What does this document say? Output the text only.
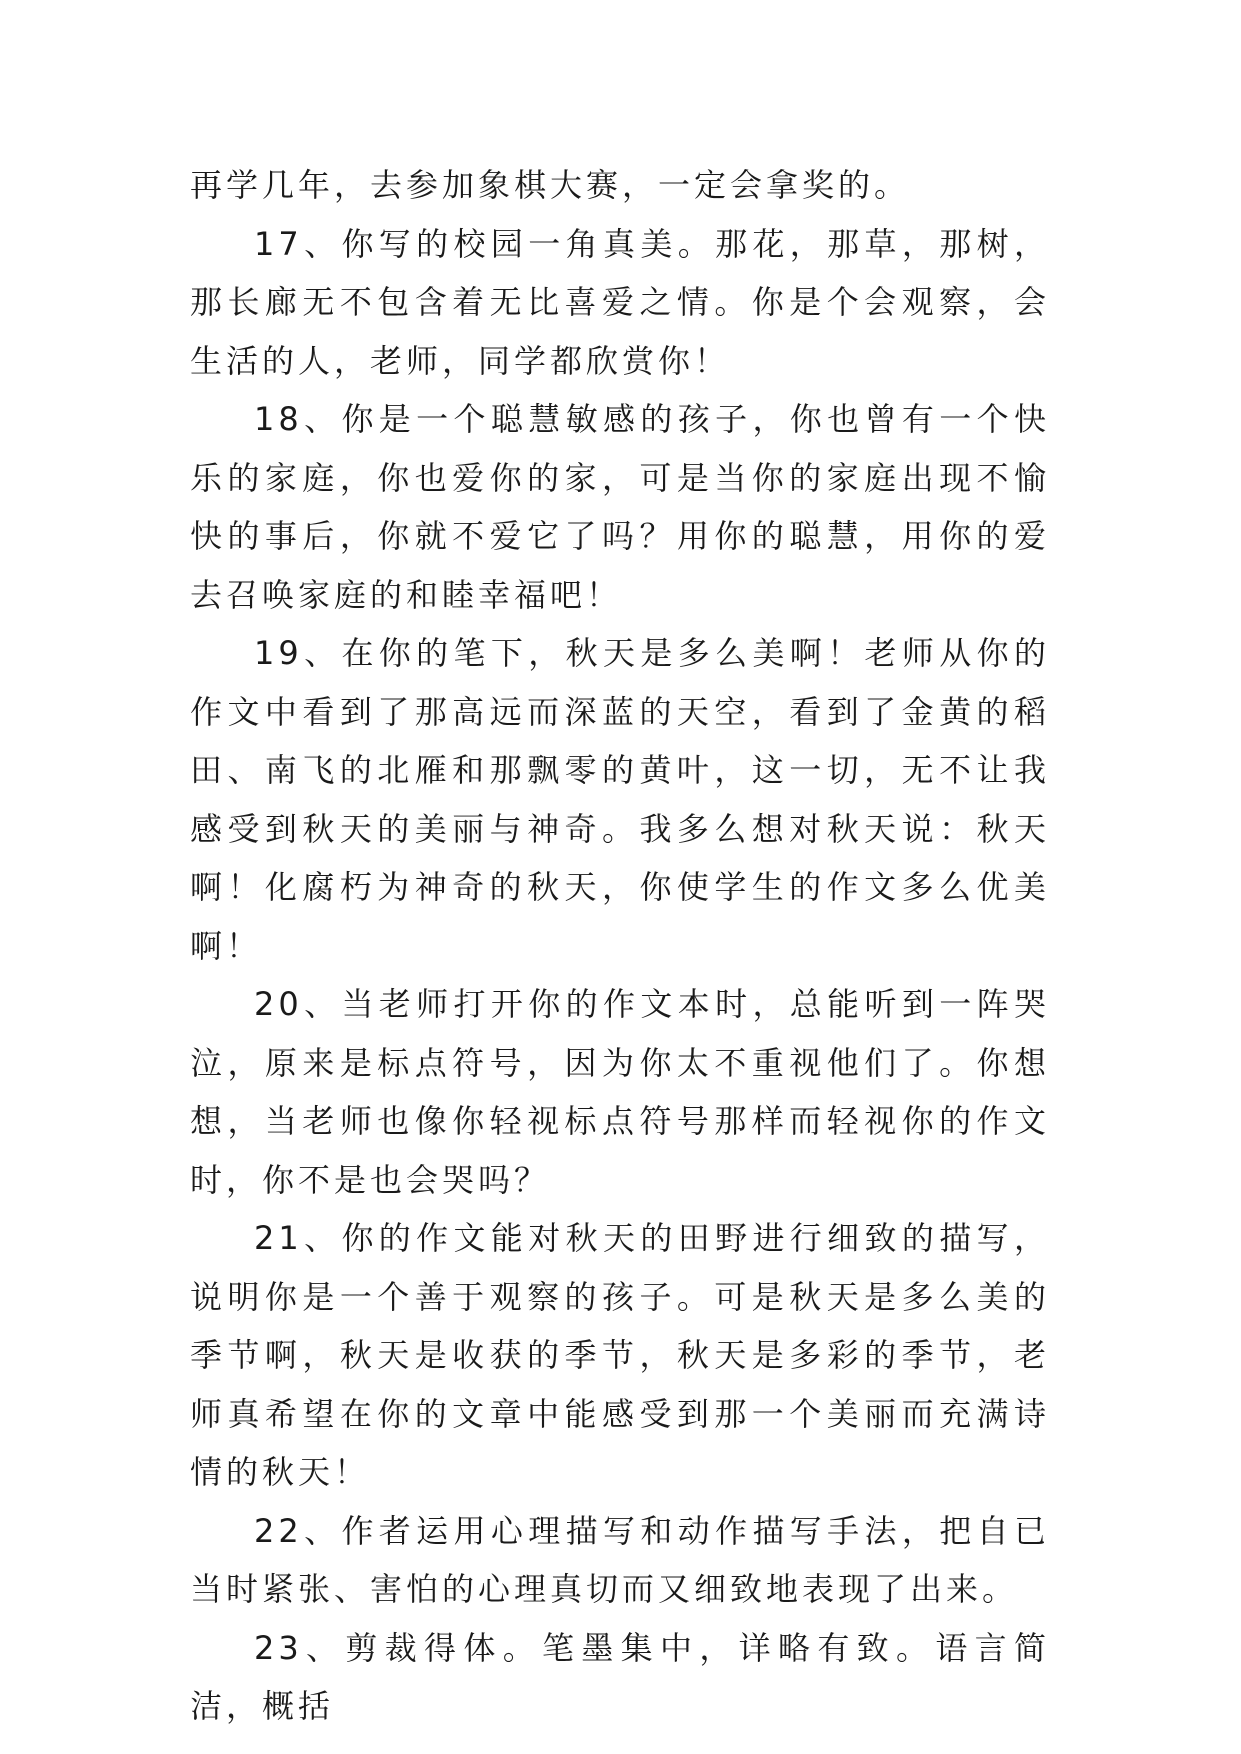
再学几年，去参加象棋大赛，一定会拿奖的。

17、你写的校园一角真美。那花，那草，那树，那长廊无不包含着无比喜爱之情。你是个会观察，会生活的人，老师，同学都欣赏你！

18、你是一个聪慧敏感的孩子，你也曾有一个快乐的家庭，你也爱你的家，可是当你的家庭出现不愉快的事后，你就不爱它了吗？用你的聪慧，用你的爱去召唤家庭的和睦幸福吧！

19、在你的笔下，秋天是多么美啊！老师从你的作文中看到了那高远而深蓝的天空，看到了金黄的稻田、南飞的北雁和那飘零的黄叶，这一切，无不让我感受到秋天的美丽与神奇。我多么想对秋天说：秋天啊！化腐朽为神奇的秋天，你使学生的作文多么优美啊！

20、当老师打开你的作文本时，总能听到一阵哭泣，原来是标点符号，因为你太不重视他们了。你想想，当老师也像你轻视标点符号那样而轻视你的作文时，你不是也会哭吗？

21、你的作文能对秋天的田野进行细致的描写，说明你是一个善于观察的孩子。可是秋天是多么美的季节啊，秋天是收获的季节，秋天是多彩的季节，老师真希望在你的文章中能感受到那一个美丽而充满诗情的秋天！

22、作者运用心理描写和动作描写手法，把自已当时紧张、害怕的心理真切而又细致地表现了出来。

23、剪裁得体。笔墨集中，详略有致。语言简洁，概括
